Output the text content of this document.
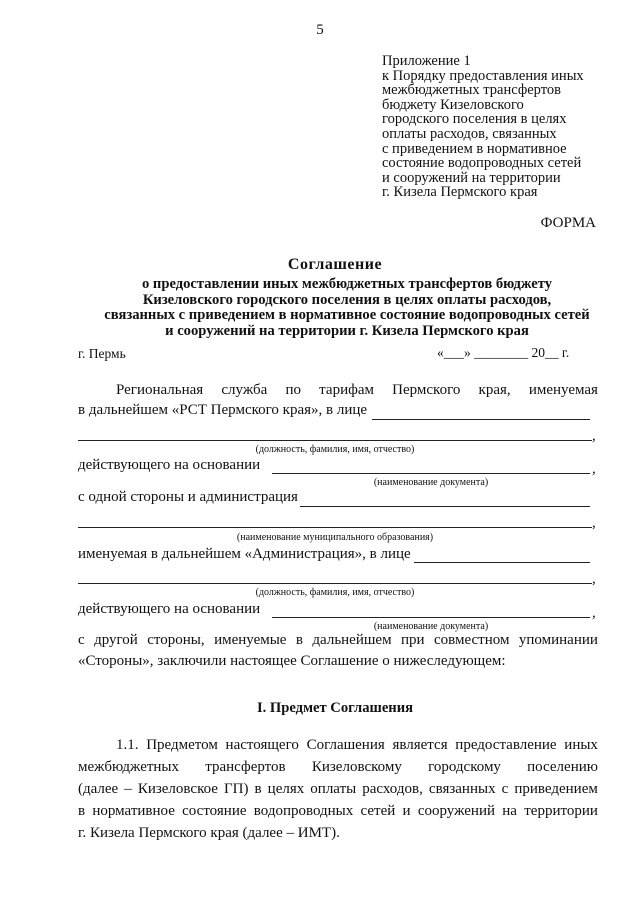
5
Приложение 1
к Порядку предоставления иных
межбюджетных трансфертов
бюджету Кизеловского
городского поселения в целях
оплаты расходов, связанных
с приведением в нормативное
состояние водопроводных сетей
и сооружений на территории
г. Кизела Пермского края
ФОРМА
Соглашение
о предоставлении иных межбюджетных трансфертов бюджету
Кизеловского городского поселения в целях оплаты расходов,
связанных с приведением в нормативное состояние водопроводных сетей
и сооружений на территории г. Кизела Пермского края
г. Пермь	«___» ________ 20__ г.
Региональная служба по тарифам Пермского края, именуемая
в дальнейшем «РСТ Пермского края», в лице
,
(должность, фамилия, имя, отчество)
действующего на основании	,
(наименование документа)
с одной стороны и администрация
,
(наименование муниципального образования)
именуемая в дальнейшем «Администрация», в лице
,
(должность, фамилия, имя, отчество)
действующего на основании	,
(наименование документа)
с другой стороны, именуемые в дальнейшем при совместном упоминании
«Стороны», заключили настоящее Соглашение о нижеследующем:
I. Предмет Соглашения
1.1. Предметом настоящего Соглашения является предоставление иных
межбюджетных трансфертов Кизеловскому городскому поселению
(далее – Кизеловское ГП) в целях оплаты расходов, связанных с приведением
в нормативное состояние водопроводных сетей и сооружений на территории
г. Кизела Пермского края (далее – ИМТ).
